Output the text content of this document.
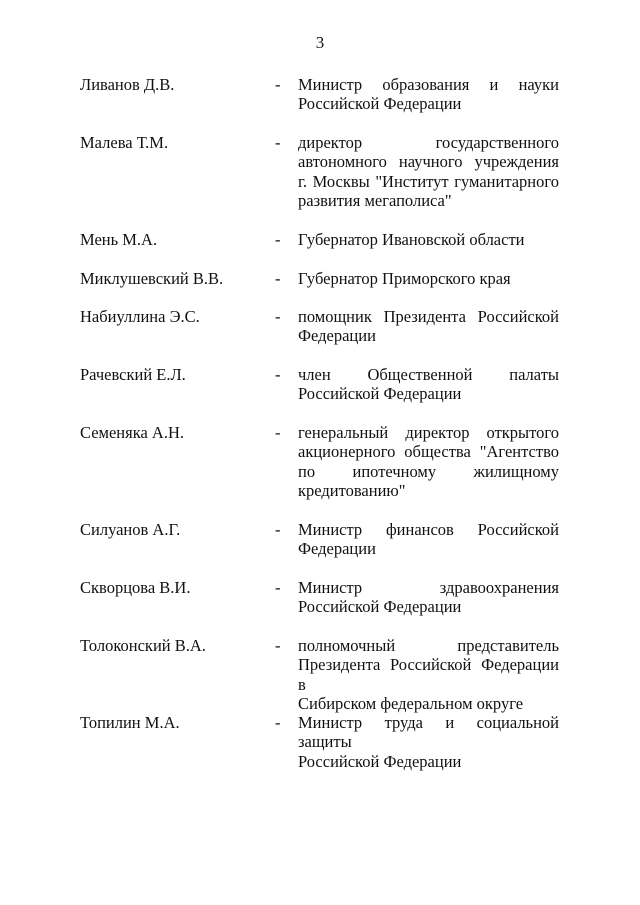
3
Ливанов Д.В.	- Министр образования и науки
Российской Федерации
Малева Т.М.	- директор государственного
автономного научного учреждения
г. Москвы "Институт гуманитарного
развития мегаполиса"
Мень М.А.	- Губернатор Ивановской области
Миклушевский В.В.	- Губернатор Приморского края
Набиуллина Э.С.	- помощник Президента Российской
Федерации
Рачевский Е.Л.	- член Общественной палаты
Российской Федерации
Семеняка А.Н.	- генеральный директор открытого
акционерного общества "Агентство
по ипотечному жилищному
кредитованию"
Силуанов А.Г.	- Министр финансов Российской
Федерации
Скворцова В.И.	- Министр здравоохранения
Российской Федерации
Толоконский В.А.	- полномочный представитель
Президента Российской Федерации в
Сибирском федеральном округе
Топилин М.А.	- Министр труда и социальной защиты
Российской Федерации
